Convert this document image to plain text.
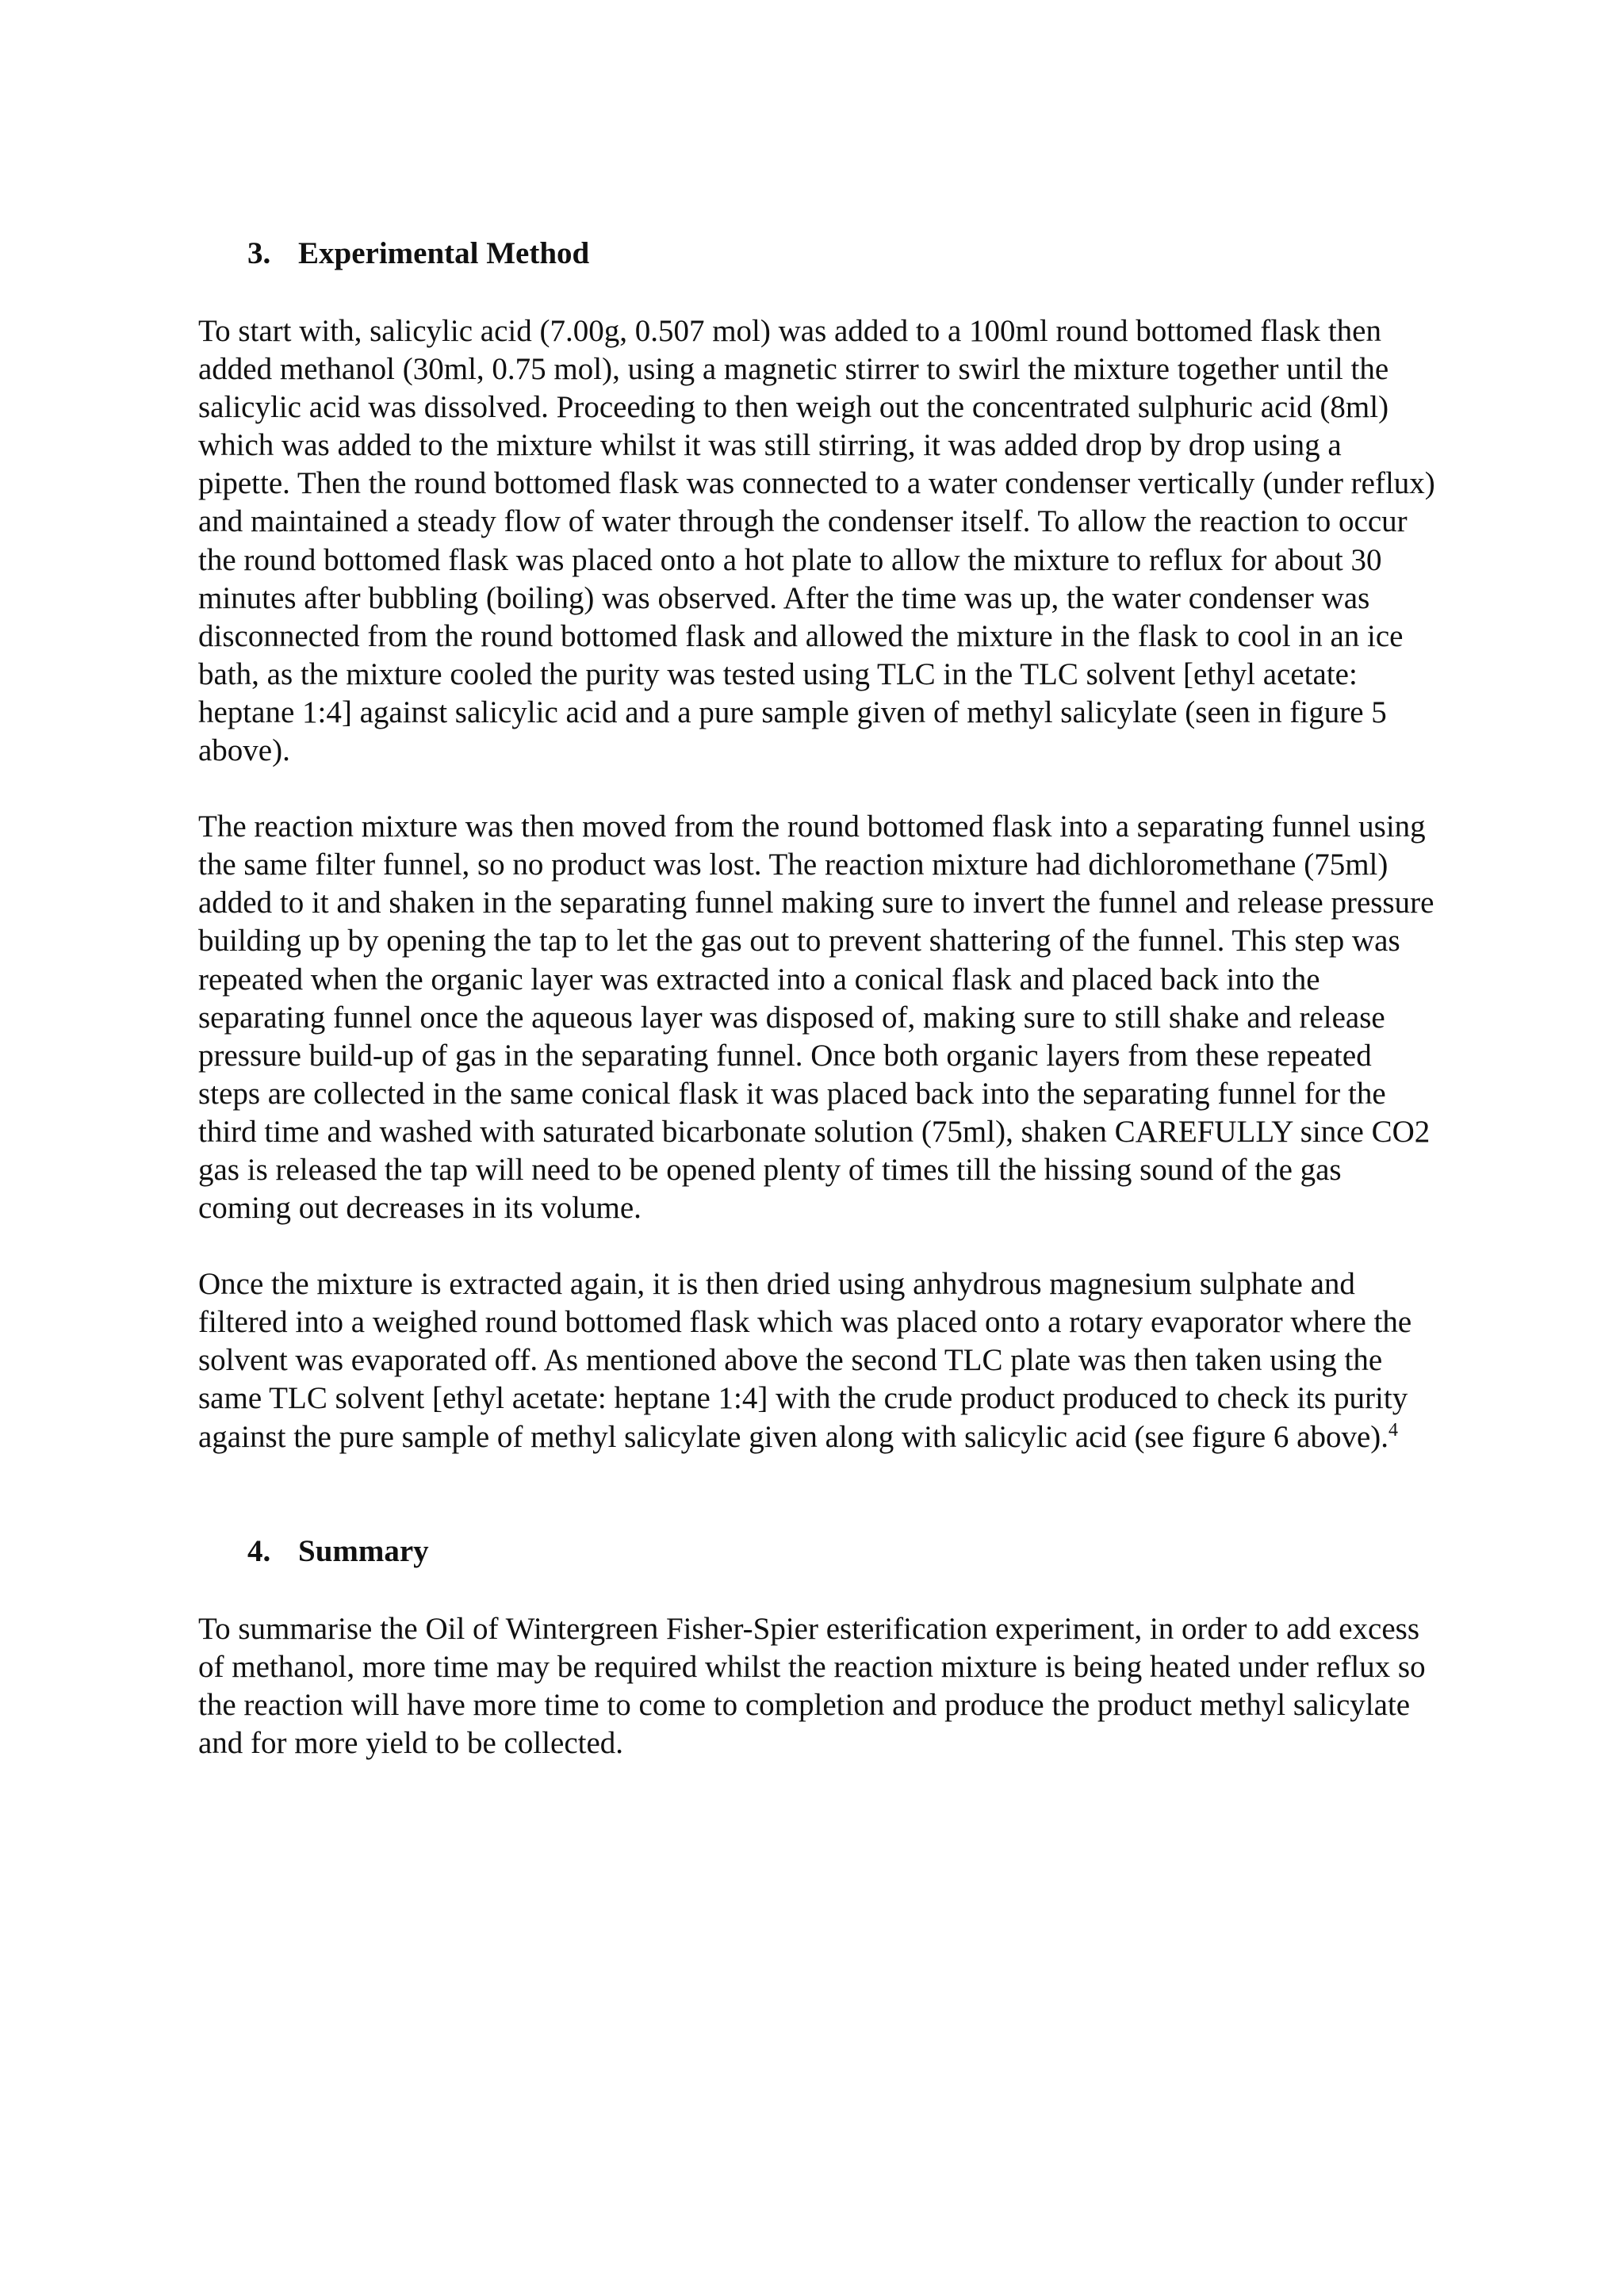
3. Experimental Method

To start with, salicylic acid (7.00g, 0.507 mol) was added to a 100ml round bottomed flask then added methanol (30ml, 0.75 mol), using a magnetic stirrer to swirl the mixture together until the salicylic acid was dissolved. Proceeding to then weigh out the concentrated sulphuric acid (8ml) which was added to the mixture whilst it was still stirring, it was added drop by drop using a pipette. Then the round bottomed flask was connected to a water condenser vertically (under reflux) and maintained a steady flow of water through the condenser itself. To allow the reaction to occur the round bottomed flask was placed onto a hot plate to allow the mixture to reflux for about 30 minutes after bubbling (boiling) was observed. After the time was up, the water condenser was disconnected from the round bottomed flask and allowed the mixture in the flask to cool in an ice bath, as the mixture cooled the purity was tested using TLC in the TLC solvent [ethyl acetate: heptane 1:4] against salicylic acid and a pure sample given of methyl salicylate (seen in figure 5 above).

The reaction mixture was then moved from the round bottomed flask into a separating funnel using the same filter funnel, so no product was lost. The reaction mixture had dichloromethane (75ml) added to it and shaken in the separating funnel making sure to invert the funnel and release pressure building up by opening the tap to let the gas out to prevent shattering of the funnel. This step was repeated when the organic layer was extracted into a conical flask and placed back into the separating funnel once the aqueous layer was disposed of, making sure to still shake and release pressure build-up of gas in the separating funnel. Once both organic layers from these repeated steps are collected in the same conical flask it was placed back into the separating funnel for the third time and washed with saturated bicarbonate solution (75ml), shaken CAREFULLY since CO2 gas is released the tap will need to be opened plenty of times till the hissing sound of the gas coming out decreases in its volume.

Once the mixture is extracted again, it is then dried using anhydrous magnesium sulphate and filtered into a weighed round bottomed flask which was placed onto a rotary evaporator where the solvent was evaporated off. As mentioned above the second TLC plate was then taken using the same TLC solvent [ethyl acetate: heptane 1:4] with the crude product produced to check its purity against the pure sample of methyl salicylate given along with salicylic acid (see figure 6 above).$^4$

4. Summary

To summarise the Oil of Wintergreen Fisher-Spier esterification experiment, in order to add excess of methanol, more time may be required whilst the reaction mixture is being heated under reflux so the reaction will have more time to come to completion and produce the product methyl salicylate and for more yield to be collected.
